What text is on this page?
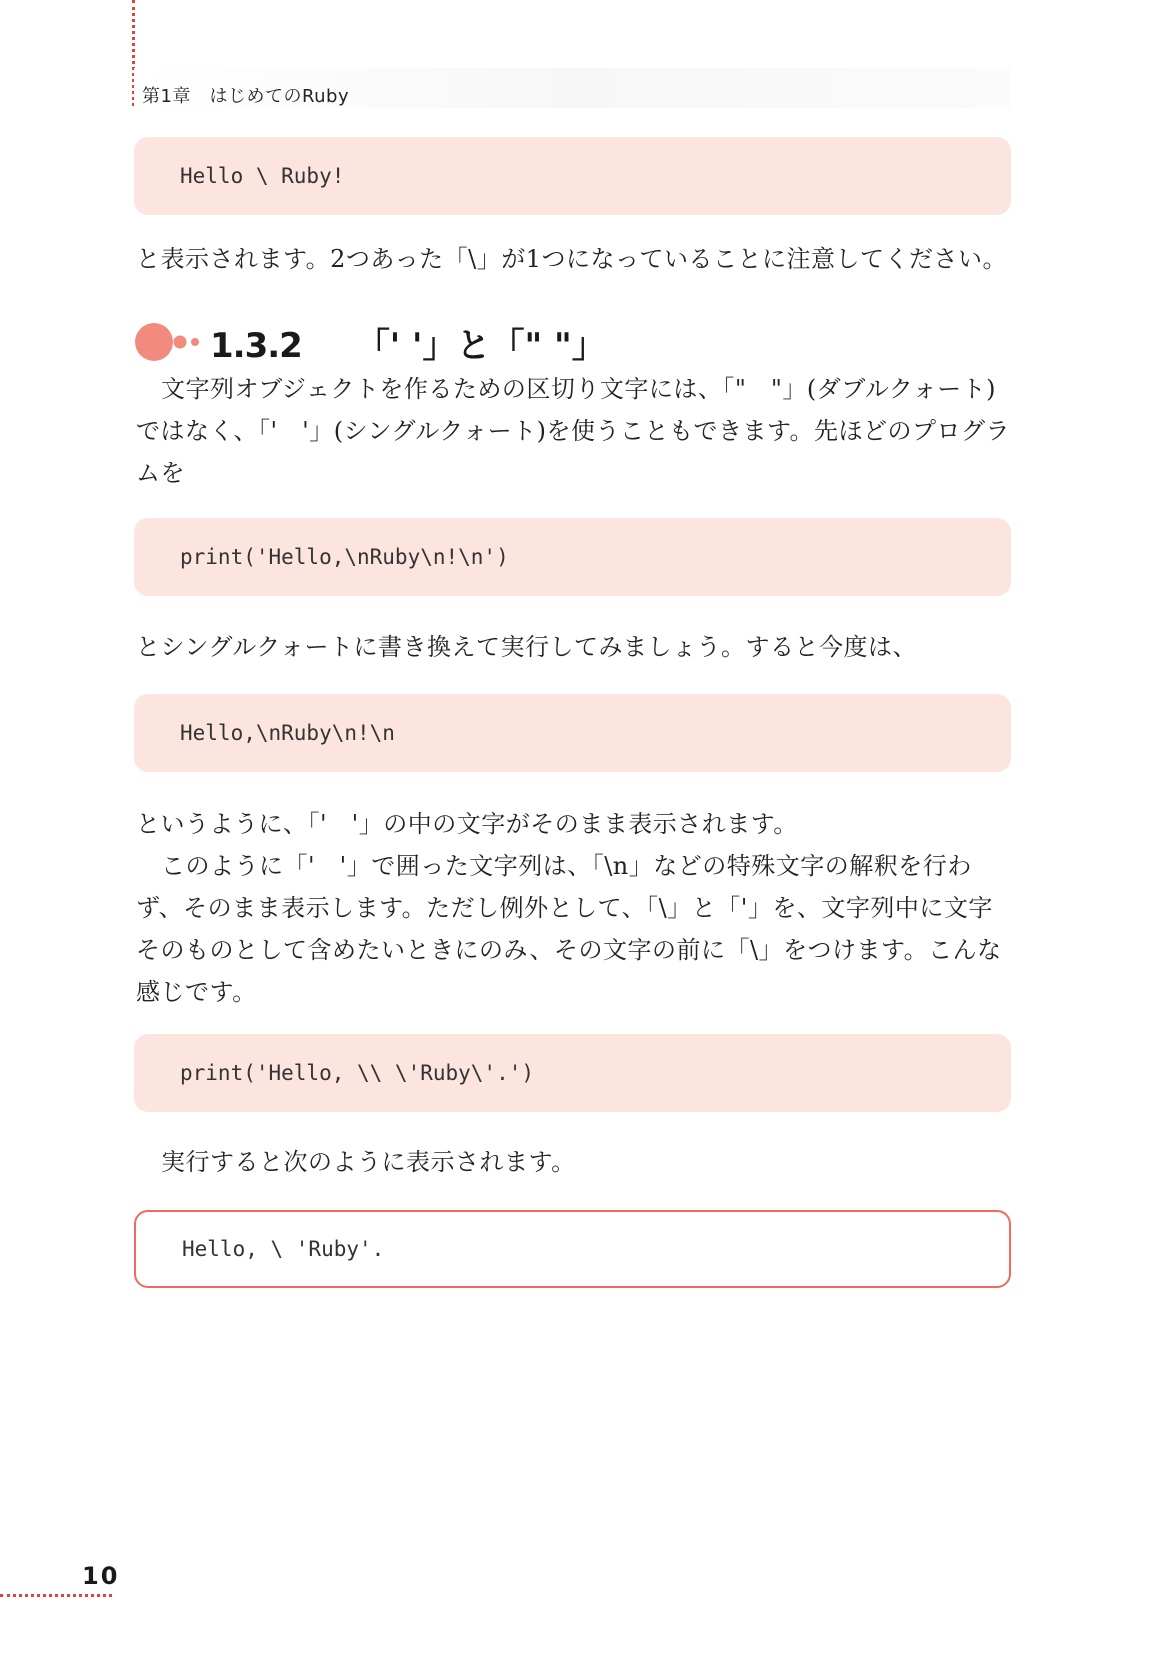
第1章　はじめてのRuby
Hello \ Ruby!
と表示されます。2つあった「\」が1つになっていることに注意してください。
1.3.2 「' '」と「" "」
文字列オブジェクトを作るための区切り文字には、「"　"」(ダブルクォート)ではなく、「'　'」(シングルクォート)を使うこともできます。先ほどのプログラムを
print('Hello,\nRuby\n!\n')
とシングルクォートに書き換えて実行してみましょう。すると今度は、
Hello,\nRuby\n!\n
というように、「'　'」の中の文字がそのまま表示されます。
このように「'　'」で囲った文字列は、「\n」などの特殊文字の解釈を行わず、そのまま表示します。ただし例外として、「\」と「'」を、文字列中に文字そのものとして含めたいときにのみ、その文字の前に「\」をつけます。こんな感じです。
print('Hello, \\ \'Ruby\'.')
実行すると次のように表示されます。
Hello, \ 'Ruby'.
10
